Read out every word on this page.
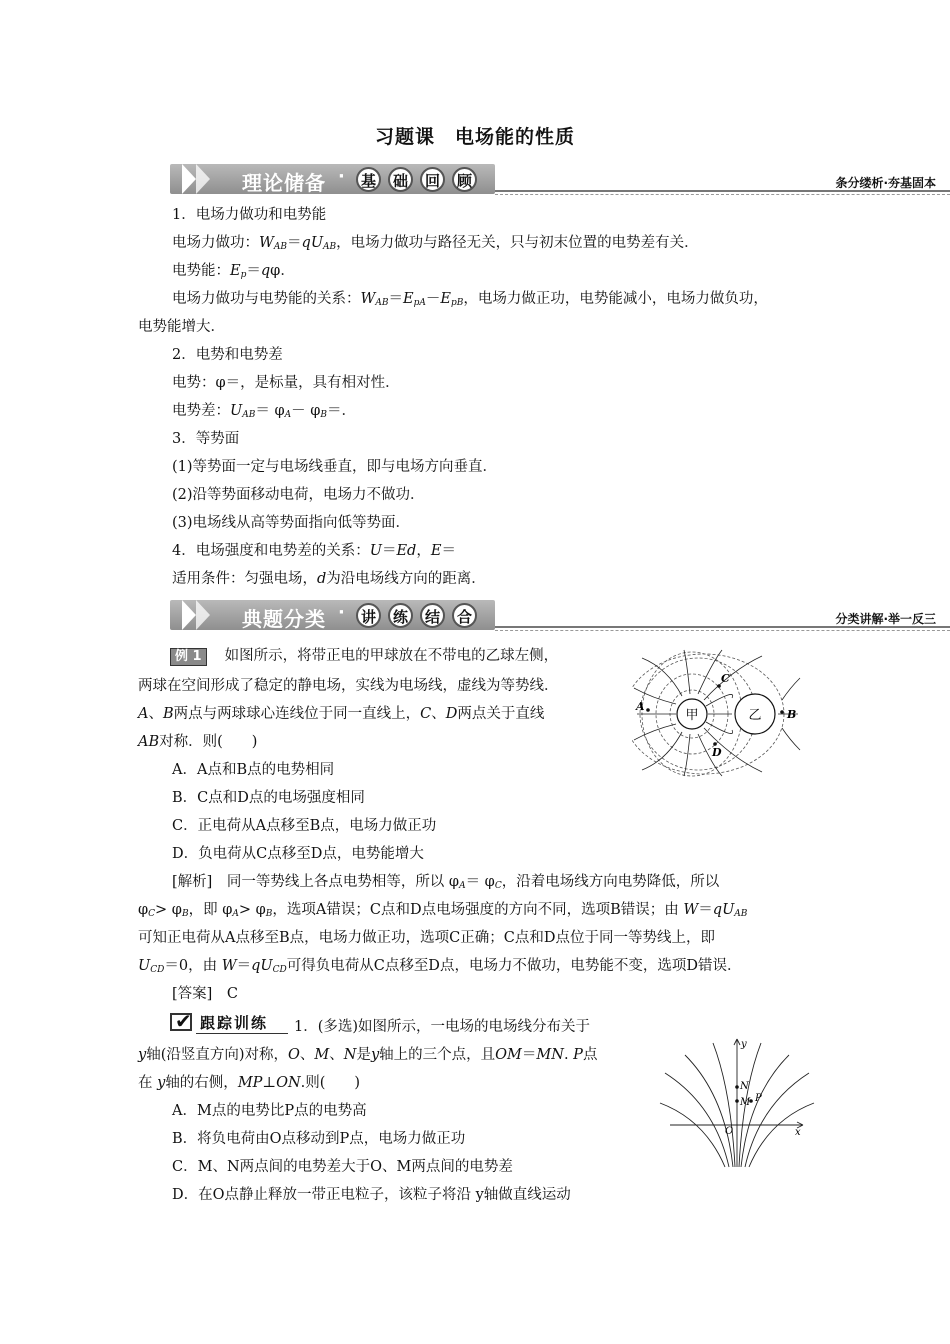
习题课　电场能的性质
理论储备 ·	基	础	回	顾	条分缕析·夯基固本
1．电场力做功和电势能
电场力做功：$W_{AB}=qU_{AB}$，电场力做功与路径无关，只与初末位置的电势差有关．
电势能：$E_p=q\varphi$．
电场力做功与电势能的关系：$W_{AB}=E_{pA}-E_{pB}$，电场力做正功，电势能减小，电场力做负功，
电势能增大．
2．电势和电势差
电势：φ＝，是标量，具有相对性．
电势差：$U_{AB}= \varphi_A- \varphi_B=$．
3．等势面
(1)等势面一定与电场线垂直，即与电场方向垂直．
(2)沿等势面移动电荷，电场力不做功．
(3)电场线从高等势面指向低等势面．
4．电场强度和电势差的关系：U＝Ed，E＝
适用条件：匀强电场，d为沿电场线方向的距离．
典题分类 ·	讲	练	结	合	分类讲解·举一反三
例 1 如图所示，将带正电的甲球放在不带电的乙球左侧，
两球在空间形成了稳定的静电场，实线为电场线，虚线为等势线．
A、B两点与两球球心连线位于同一直线上，C、D两点关于直线
AB对称．则(　　)
A．A点和B点的电势相同
B．C点和D点的电场强度相同
C．正电荷从A点移至B点，电场力做正功
D．负电荷从C点移至D点，电势能增大
[解析]　同一等势线上各点电势相等，所以 $\varphi_A= \varphi_C$，沿着电场线方向电势降低，所以
$\varphi_C> \varphi_B$，即 $\varphi_A> \varphi_B$，选项A错误；C点和D点电场强度的方向不同，选项B错误；由 $W=qU_{AB}$
可知正电荷从A点移至B点，电场力做正功，选项C正确；C点和D点位于同一等势线上，即
$U_{CD}=0$，由 $W=qU_{CD}$可得负电荷从C点移至D点，电场力不做功，电势能不变，选项D错误．
[答案]　C
甲	乙
A
B
C
D
✔ 跟踪训练 1．(多选)如图所示，一电场的电场线分布关于
y轴(沿竖直方向)对称，O、M、N是y轴上的三个点，且OM＝MN. P点
在 y轴的右侧，MP⊥ON.则(　　)
A．M点的电势比P点的电势高
B．将负电荷由O点移动到P点，电场力做正功
C．M、N两点间的电势差大于O、M两点间的电势差
D．在O点静止释放一带正电粒子，该粒子将沿 y轴做直线运动
y
x
O
M
N
P
